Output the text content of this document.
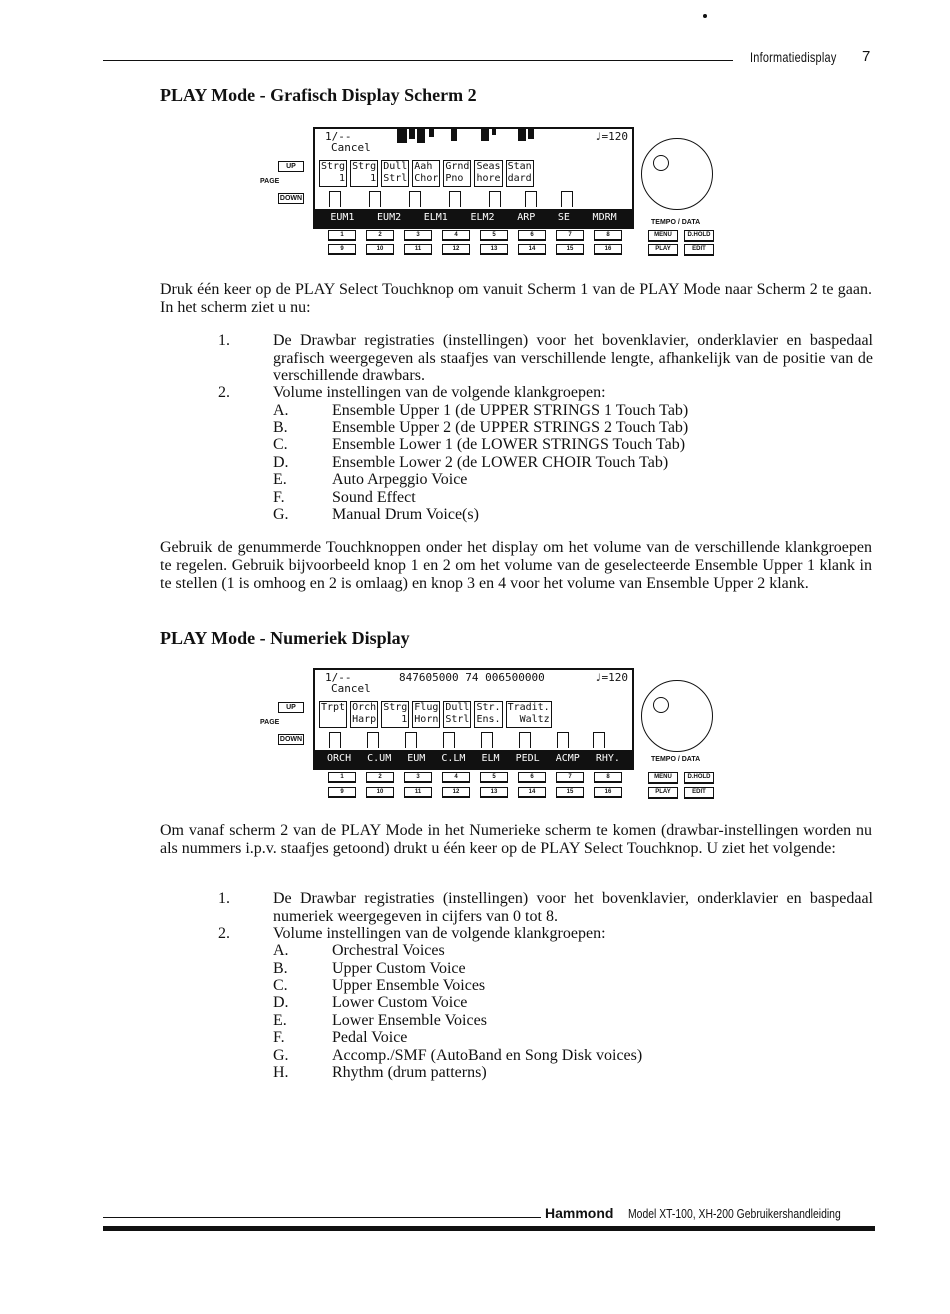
Informatiedisplay 7
PLAY Mode - Grafisch Display Scherm 2
UP
PAGE
DOWN
1/--
Cancel
♩=120
Strg
1
Strg
1
Dull
Strl
Aah
Chor
Grnd
Pno
Seas
hore
Stan
dard
EUM1 EUM2 ELM1 ELM2 ARP SE MDRM
1	2	3	4	5	6	7	8
9	10	11	12	13	14	15	16
TEMPO / DATA
MENU	D.HOLD
PLAY	EDIT

Druk één keer op de PLAY Select Touchknop om vanuit Scherm 1 van de PLAY Mode naar Scherm 2 te gaan. In het scherm ziet u nu:

1.	De Drawbar registraties (instellingen) voor het bovenklavier, onderklavier en baspedaal grafisch weergegeven als staafjes van verschillende lengte, afhankelijk van de positie van de verschillende drawbars.
2.	Volume instellingen van de volgende klankgroepen:
A.	Ensemble Upper 1 (de UPPER STRINGS 1 Touch Tab)
B.	Ensemble Upper 2 (de UPPER STRINGS 2 Touch Tab)
C.	Ensemble Lower 1 (de LOWER STRINGS Touch Tab)
D.	Ensemble Lower 2 (de LOWER CHOIR Touch Tab)
E.	Auto Arpeggio Voice
F.	Sound Effect
G.	Manual Drum Voice(s)

Gebruik de genummerde Touchknoppen onder het display om het volume van de verschillende klankgroepen te regelen. Gebruik bijvoorbeeld knop 1 en 2 om het volume van de geselecteerde Ensemble Upper 1 klank in te stellen (1 is omhoog en 2 is omlaag) en knop 3 en 4 voor het volume van Ensemble Upper 2 klank.

PLAY Mode - Numeriek Display
UP
PAGE
DOWN
1/--
Cancel
847605000 74 006500000	♩=120
Trpt Orch
Harp
Strg
1
Flug
Horn
Dull
Strl
Str.
Ens.
Tradit.
Waltz
ORCH C.UM EUM C.LM ELM PEDL ACMP RHY.
1	2	3	4	5	6	7	8
9	10	11	12	13	14	15	16
TEMPO / DATA
MENU	D.HOLD
PLAY	EDIT

Om vanaf scherm 2 van de PLAY Mode in het Numerieke scherm te komen (drawbar-instellingen worden nu als nummers i.p.v. staafjes getoond) drukt u één keer op de PLAY Select Touchknop. U ziet het volgende:

1.	De Drawbar registraties (instellingen) voor het bovenklavier, onderklavier en baspedaal numeriek weergegeven in cijfers van 0 tot 8.
2.	Volume instellingen van de volgende klankgroepen:
A.	Orchestral Voices
B.	Upper Custom Voice
C.	Upper Ensemble Voices
D.	Lower Custom Voice
E.	Lower Ensemble Voices
F.	Pedal Voice
G.	Accomp./SMF (AutoBand en Song Disk voices)
H.	Rhythm (drum patterns)
Hammond Model XT-100, XH-200 Gebruikershandleiding
